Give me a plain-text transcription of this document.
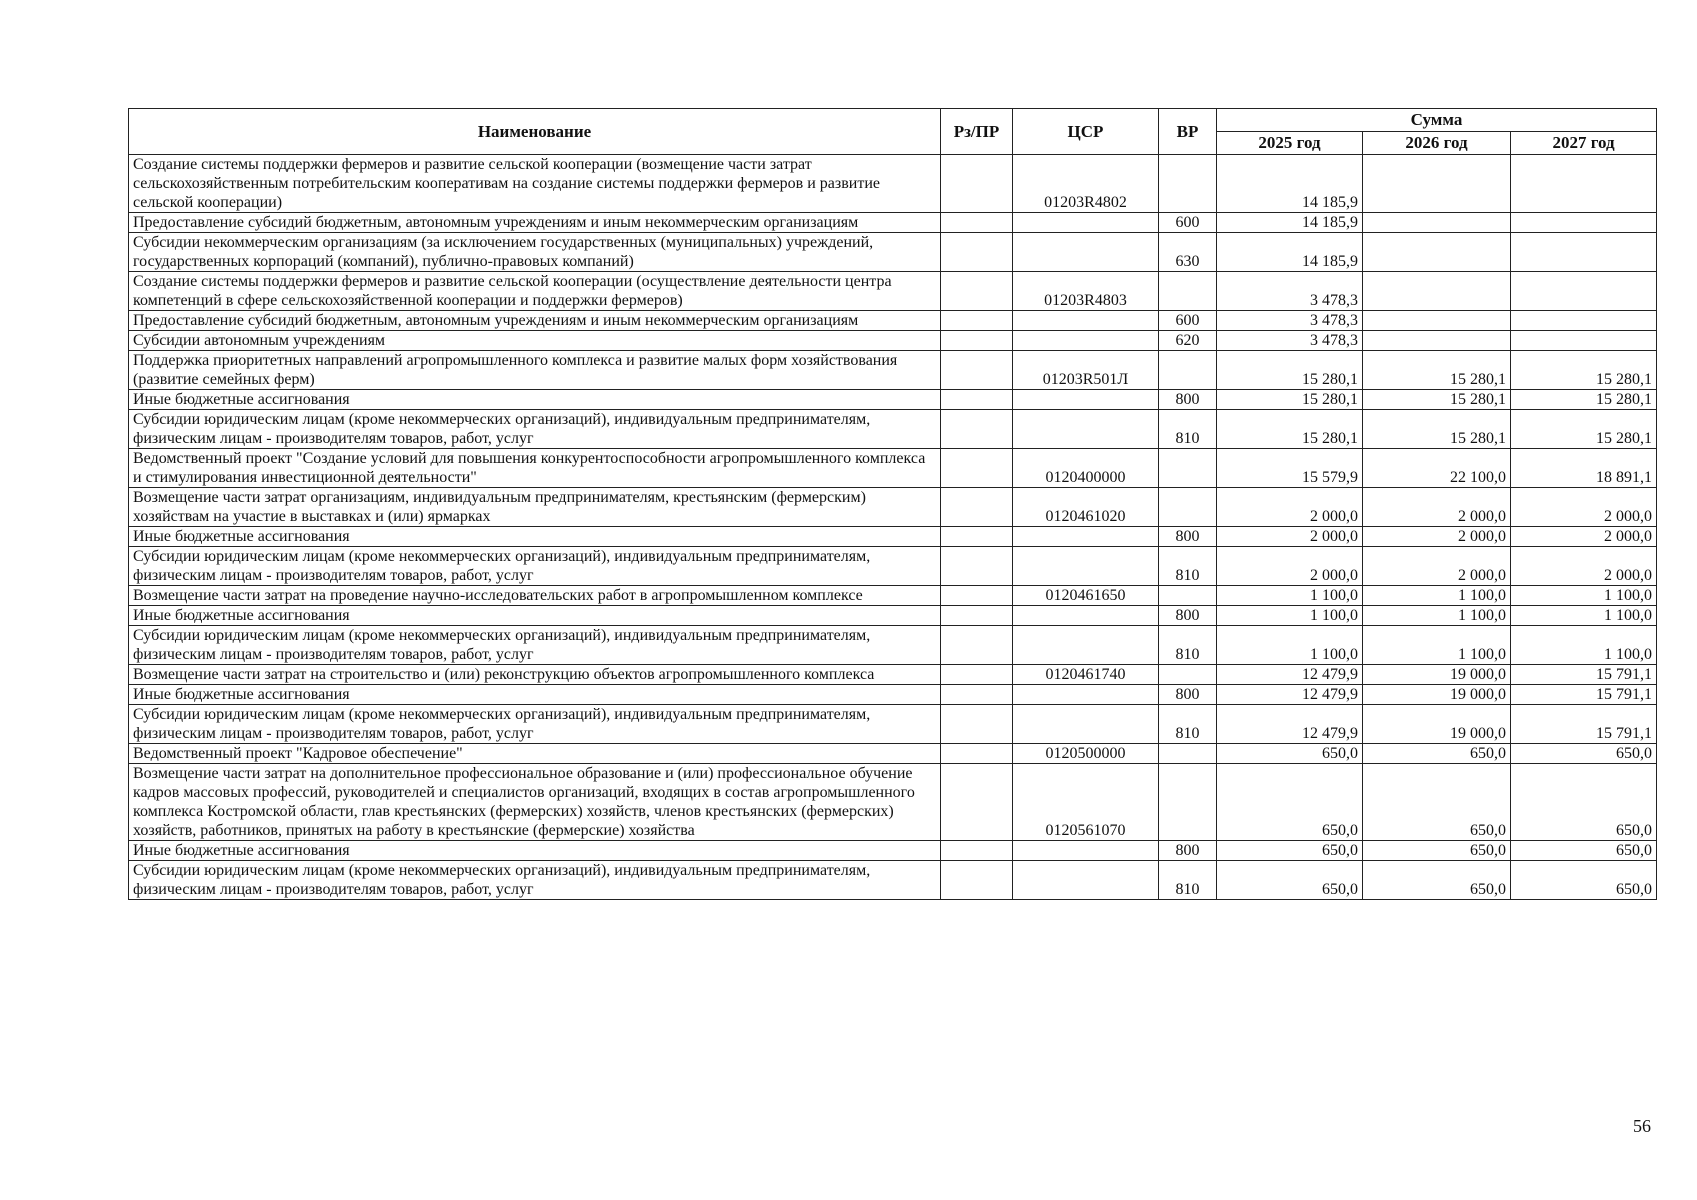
Наименование	Рз/ПР	ЦСР	ВР	Сумма		
				2025 год	2026 год	2027 год
Создание системы поддержки фермеров и развитие сельской кооперации (возмещение части затрат сельскохозяйственным потребительским кооперативам на создание системы поддержки фермеров и развитие сельской кооперации)		01203R4802		14 185,9		
Предоставление субсидий бюджетным, автономным учреждениям и иным некоммерческим организациям			600	14 185,9		
Субсидии некоммерческим организациям (за исключением государственных (муниципальных) учреждений, государственных корпораций (компаний), публично-правовых компаний)			630	14 185,9		
Создание системы поддержки фермеров и развитие сельской кооперации (осуществление деятельности центра компетенций в сфере сельскохозяйственной кооперации и поддержки фермеров)		01203R4803		3 478,3		
Предоставление субсидий бюджетным, автономным учреждениям и иным некоммерческим организациям			600	3 478,3		
Субсидии автономным учреждениям			620	3 478,3		
Поддержка приоритетных направлений агропромышленного комплекса и развитие малых форм хозяйствования (развитие семейных ферм)		01203R501Л		15 280,1	15 280,1	15 280,1
Иные бюджетные ассигнования			800	15 280,1	15 280,1	15 280,1
Субсидии юридическим лицам (кроме некоммерческих организаций), индивидуальным предпринимателям, физическим лицам - производителям товаров, работ, услуг			810	15 280,1	15 280,1	15 280,1
Ведомственный проект "Создание условий для повышения конкурентоспособности агропромышленного комплекса и стимулирования инвестиционной деятельности"		0120400000		15 579,9	22 100,0	18 891,1
Возмещение части затрат организациям, индивидуальным предпринимателям, крестьянским (фермерским) хозяйствам на участие в выставках и (или) ярмарках		0120461020		2 000,0	2 000,0	2 000,0
Иные бюджетные ассигнования			800	2 000,0	2 000,0	2 000,0
Субсидии юридическим лицам (кроме некоммерческих организаций), индивидуальным предпринимателям, физическим лицам - производителям товаров, работ, услуг			810	2 000,0	2 000,0	2 000,0
Возмещение части затрат на проведение научно-исследовательских работ в агропромышленном комплексе		0120461650		1 100,0	1 100,0	1 100,0
Иные бюджетные ассигнования			800	1 100,0	1 100,0	1 100,0
Субсидии юридическим лицам (кроме некоммерческих организаций), индивидуальным предпринимателям, физическим лицам - производителям товаров, работ, услуг			810	1 100,0	1 100,0	1 100,0
Возмещение части затрат на строительство и (или) реконструкцию объектов агропромышленного комплекса		0120461740		12 479,9	19 000,0	15 791,1
Иные бюджетные ассигнования			800	12 479,9	19 000,0	15 791,1
Субсидии юридическим лицам (кроме некоммерческих организаций), индивидуальным предпринимателям, физическим лицам - производителям товаров, работ, услуг			810	12 479,9	19 000,0	15 791,1
Ведомственный проект "Кадровое обеспечение"		0120500000		650,0	650,0	650,0
Возмещение части затрат на дополнительное профессиональное образование и (или) профессиональное обучение кадров массовых профессий, руководителей и специалистов организаций, входящих в состав агропромышленного комплекса Костромской области, глав крестьянских (фермерских) хозяйств, членов крестьянских (фермерских) хозяйств, работников, принятых на работу в крестьянские (фермерские) хозяйства		0120561070		650,0	650,0	650,0
Иные бюджетные ассигнования			800	650,0	650,0	650,0
Субсидии юридическим лицам (кроме некоммерческих организаций), индивидуальным предпринимателям, физическим лицам - производителям товаров, работ, услуг			810	650,0	650,0	650,0
56
